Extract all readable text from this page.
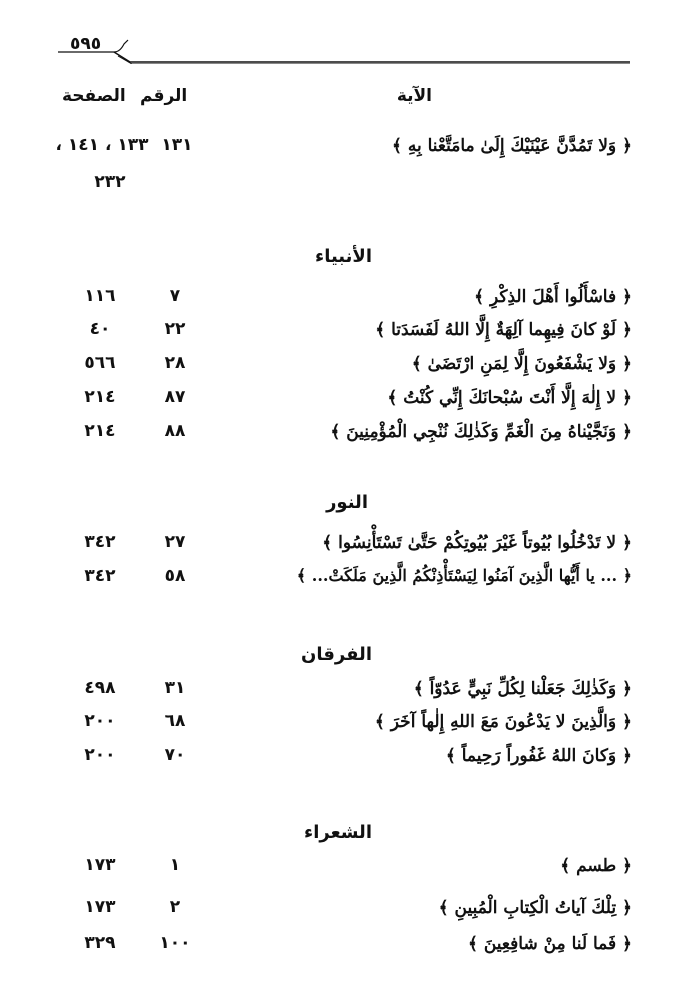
٥٩٥
الآية
الرقم
الصفحة
﴿ وَلا تَمُدَّنَّ عَيْنَيْكَ إِلَىٰ مامَتَّعْنا بِهِ ﴾
١٣١
١٣٣ ، ١٤١ ،
٢٣٢
الأنبياء
﴿ فاسْأَلُوا أَهْلَ الذِكْرِ ﴾
٧
١١٦
﴿ لَوْ كانَ فِيهِما آلِهَةٌ إِلَّا اللهُ لَفَسَدَتا ﴾
٢٢
٤٠
﴿ وَلا يَشْفَعُونَ إِلَّا لِمَنِ ارْتَضَىٰ ﴾
٢٨
٥٦٦
﴿ لا إِلٰهَ إِلَّا أَنْتَ سُبْحانَكَ إِنِّي كُنْتُ ﴾
٨٧
٢١٤
﴿ وَنَجَّيْناهُ مِنَ الْغَمِّ وَكَذٰلِكَ نُنْجِي الْمُؤْمِنِينَ ﴾
٨٨
٢١٤
النور
﴿ لا تَدْخُلُوا بُيُوتاً غَيْرَ بُيُوتِكُمْ حَتَّىٰ تَسْتَأْنِسُوا ﴾
٢٧
٣٤٢
﴿ ... يا أَيُّها الَّذِينَ آمَنُوا لِيَسْتَأْذِنْكُمُ الَّذِينَ مَلَكَتْ... ﴾
٥٨
٣٤٢
الفرقان
﴿ وَكَذٰلِكَ جَعَلْنا لِكُلِّ نَبِيٍّ عَدُوّاً ﴾
٣١
٤٩٨
﴿ وَالَّذِينَ لا يَدْعُونَ مَعَ اللهِ إِلٰهاً آخَرَ ﴾
٦٨
٢٠٠
﴿ وَكانَ اللهُ غَفُوراً رَحِيماً ﴾
٧٠
٢٠٠
الشعراء
﴿ طسم ﴾
١
١٧٣
﴿ تِلْكَ آياتُ الْكِتابِ الْمُبِينِ ﴾
٢
١٧٣
﴿ فَما لَنا مِنْ شافِعِينَ ﴾
١٠٠
٣٢٩
